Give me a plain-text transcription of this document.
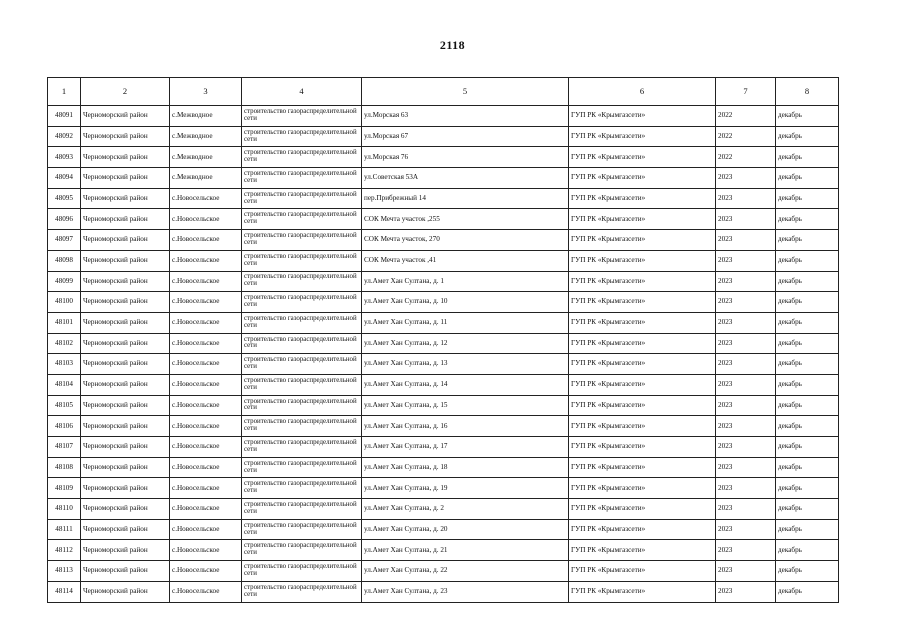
2118
1	2	3	4	5	6	7	8
48091	Черноморский район	с.Межводное	строительство газораспределительной сети	ул.Морская 63	ГУП РК «Крымгазсети»	2022	декабрь
48092	Черноморский район	с.Межводное	строительство газораспределительной сети	ул.Морская 67	ГУП РК «Крымгазсети»	2022	декабрь
48093	Черноморский район	с.Межводное	строительство газораспределительной сети	ул.Морская 76	ГУП РК «Крымгазсети»	2022	декабрь
48094	Черноморский район	с.Межводное	строительство газораспределительной сети	ул.Советская 53А	ГУП РК «Крымгазсети»	2023	декабрь
48095	Черноморский район	с.Новосельское	строительство газораспределительной сети	пер.Прибрежный 14	ГУП РК «Крымгазсети»	2023	декабрь
48096	Черноморский район	с.Новосельское	строительство газораспределительной сети	СОК Мечта участок ,255	ГУП РК «Крымгазсети»	2023	декабрь
48097	Черноморский район	с.Новосельское	строительство газораспределительной сети	СОК Мечта участок, 270	ГУП РК «Крымгазсети»	2023	декабрь
48098	Черноморский район	с.Новосельское	строительство газораспределительной сети	СОК Мечта участок ,41	ГУП РК «Крымгазсети»	2023	декабрь
48099	Черноморский район	с.Новосельское	строительство газораспределительной сети	ул.Амет Хан Султана, д. 1	ГУП РК «Крымгазсети»	2023	декабрь
48100	Черноморский район	с.Новосельское	строительство газораспределительной сети	ул.Амет Хан Султана, д. 10	ГУП РК «Крымгазсети»	2023	декабрь
48101	Черноморский район	с.Новосельское	строительство газораспределительной сети	ул.Амет Хан Султана, д. 11	ГУП РК «Крымгазсети»	2023	декабрь
48102	Черноморский район	с.Новосельское	строительство газораспределительной сети	ул.Амет Хан Султана, д. 12	ГУП РК «Крымгазсети»	2023	декабрь
48103	Черноморский район	с.Новосельское	строительство газораспределительной сети	ул.Амет Хан Султана, д. 13	ГУП РК «Крымгазсети»	2023	декабрь
48104	Черноморский район	с.Новосельское	строительство газораспределительной сети	ул.Амет Хан Султана, д. 14	ГУП РК «Крымгазсети»	2023	декабрь
48105	Черноморский район	с.Новосельское	строительство газораспределительной сети	ул.Амет Хан Султана, д. 15	ГУП РК «Крымгазсети»	2023	декабрь
48106	Черноморский район	с.Новосельское	строительство газораспределительной сети	ул.Амет Хан Султана, д. 16	ГУП РК «Крымгазсети»	2023	декабрь
48107	Черноморский район	с.Новосельское	строительство газораспределительной сети	ул.Амет Хан Султана, д. 17	ГУП РК «Крымгазсети»	2023	декабрь
48108	Черноморский район	с.Новосельское	строительство газораспределительной сети	ул.Амет Хан Султана, д. 18	ГУП РК «Крымгазсети»	2023	декабрь
48109	Черноморский район	с.Новосельское	строительство газораспределительной сети	ул.Амет Хан Султана, д. 19	ГУП РК «Крымгазсети»	2023	декабрь
48110	Черноморский район	с.Новосельское	строительство газораспределительной сети	ул.Амет Хан Султана, д. 2	ГУП РК «Крымгазсети»	2023	декабрь
48111	Черноморский район	с.Новосельское	строительство газораспределительной сети	ул.Амет Хан Султана, д. 20	ГУП РК «Крымгазсети»	2023	декабрь
48112	Черноморский район	с.Новосельское	строительство газораспределительной сети	ул.Амет Хан Султана, д. 21	ГУП РК «Крымгазсети»	2023	декабрь
48113	Черноморский район	с.Новосельское	строительство газораспределительной сети	ул.Амет Хан Султана, д. 22	ГУП РК «Крымгазсети»	2023	декабрь
48114	Черноморский район	с.Новосельское	строительство газораспределительной сети	ул.Амет Хан Султана, д. 23	ГУП РК «Крымгазсети»	2023	декабрь
